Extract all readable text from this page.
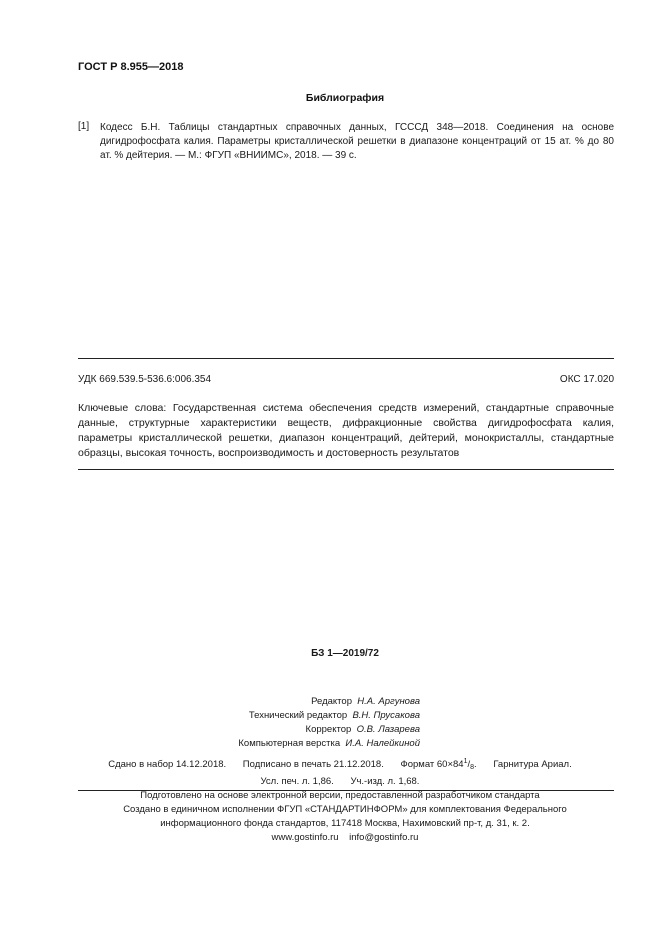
ГОСТ Р 8.955—2018
Библиография
[1] Кодесс Б.Н. Таблицы стандартных справочных данных, ГСССД 348—2018. Соединения на основе дигидрофосфата калия. Параметры кристаллической решетки в диапазоне концентраций от 15 ат. % до 80 ат. % дейтерия. — М.: ФГУП «ВНИИМС», 2018. — 39 с.
УДК 669.539.5-536.6:006.354	ОКС 17.020
Ключевые слова: Государственная система обеспечения средств измерений, стандартные справочные данные, структурные характеристики веществ, дифракционные свойства дигидрофосфата калия, параметры кристаллической решетки, диапазон концентраций, дейтерий, монокристаллы, стандартные образцы, высокая точность, воспроизводимость и достоверность результатов
БЗ 1—2019/72
Редактор Н.А. Аргунова
Технический редактор В.Н. Прусакова
Корректор О.В. Лазарева
Компьютерная верстка И.А. Налейкиной
Сдано в набор 14.12.2018. Подписано в печать 21.12.2018. Формат $60\times 84^1/_8$. Гарнитура Ариал.
Усл. печ. л. 1,86. Уч.-изд. л. 1,68.
Подготовлено на основе электронной версии, предоставленной разработчиком стандарта
Создано в единичном исполнении ФГУП «СТАНДАРТИНФОРМ» для комплектования Федерального
информационного фонда стандартов, 117418 Москва, Нахимовский пр-т, д. 31, к. 2.
www.gostinfo.ru info@gostinfo.ru
